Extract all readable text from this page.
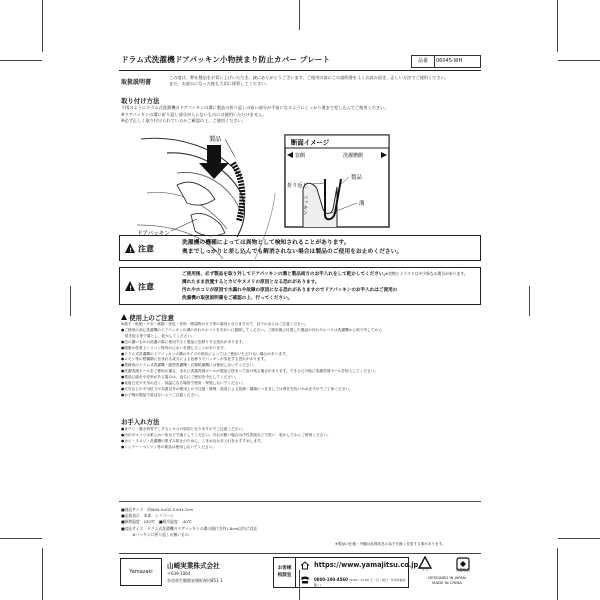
ドラム式洗濯機ドアパッキン小物挟まり防止カバー プレート	品番	06045-WH
取扱説明書
この度は、弊社製品をお買い上げいただき、誠にありがとうございます。ご使用の前にこの説明書をよくお読み頂き、正しい方法でご使用ください。
また、お読みになった後も大切に保管してください。
取り付け方法
下図のようにドラム式洗濯機のドアパッキンの溝に製品の折り返しの短い部分が手前になるようにしっかり奥まで差し込んでご使用ください。
※ドアパッキンの溝に折り返し部分が入らないものには使用いただけません。
※必ず正しく取り付けられているかご確認の上、ご使用ください。
製品
ドアパッキン
断面イメージ
窓側	洗濯槽側
折り返し
製品
溝
パッキン
※実物とイラストは多少異なる場合があります。
! 注意
洗濯機の機種によっては異物として検知されることがあります。
奥までしっかりと差し込んでも解消されない場合は製品のご使用をお止めください。
! 注意
ご使用後、必ず製品を取り外してドアパッキンの溝と製品両方のお手入れをして乾かしてください。
濡れたまま放置するとカビやヌメリの原因となる恐れがあります。
汚れやホコリが原因で水漏れや故障の原因になる恐れがありますのでドアパッキンのお手入れはご使用の
洗濯機の取扱説明書をご確認の上、行ってください。
使用上のご注意
※落下・転倒・ケガ・破損・変色・変形・吸湿物のキズ等の原因となりますので、以下の点にはご注意ください。
●ご使用の前に洗濯機のドアパッキンの溝の汚れやホコリをきれいに掃除してください。ご使用後に付着した製品の汚れやホコリは洗濯機から取り外してから
　拭き取る等で落とし、乾かしてください。
●色の濃いものの洗濯の際に使用すると製品に色移りする恐れがあります。
●樹脂の性質上シリコン特有のにおいを感じることがあります。
●ドラム式洗濯機のドアパッキンの溝のサイズや形状によってはご使用いただけない場合があります。
●レモン等の柑橘類に含まれる成分による色移りでパッキンが劣化する恐れがあります。
●業務用のドラム式洗濯機・縦型洗濯機・衣類乾燥機には使用しないでください。
●洗濯洗剤ボールをご使用の場合、まれに洗濯洗剤ボールが製品に挟まって溶け残る場合があります。できるだけ他に洗濯洗剤ボールを投入してください。
●製品に破れや変形がある場合は、直ちにご使用を中止してください。
●直射日光や火気の近く、高温になる場所で使用・保管しないでください。
●天災などの不可抗力や本書以外の使用上の不注意・修理・改造による故障・損傷につきましては責任を負いかねますのでご了承ください。
●お子様が製品で遊ばないようご注意ください。
お手入れ方法
●タワシ・磨き粉等でこするとキズの原因となりますのでご注意ください。
●汚れやホコリは柔らかい布などで落としてください。汚れが酷い場合は中性洗剤などで洗い、乾かしてからご使用ください。
●カビ・ヌメリ・洗濯槽の黒ずみ防止のために、こまめなお手入れをおすすめします。
●シンナー・ベンジン等の薬品は使用しないでください。
■商品サイズ　約W44.5×D2.5×H4.7cm
■品質表示　本体：シリコーン
■耐熱温度　230℃　■耐冷温度　-40℃
■対応サイズ　ドラム式洗濯機のドアパッキンの溝の奥行き約1.8cm以内に対応
　　　※パッキンに折り返しが無いもの
※製品の仕様・外観は品質改良の為予告無く変更する事があります。
Yamazaki
山崎実業株式会社
〒639-1064
奈良県生駒郡安堵町窪田851-1
お客様
相談室
https://www.yamajitsu.co.jp
0800-100-4560 (9:00～17:00 土・日・祝日・年末年始を除く)
プラ	容器包装
DESIGNED IN JAPAN
MADE IN CHINA
